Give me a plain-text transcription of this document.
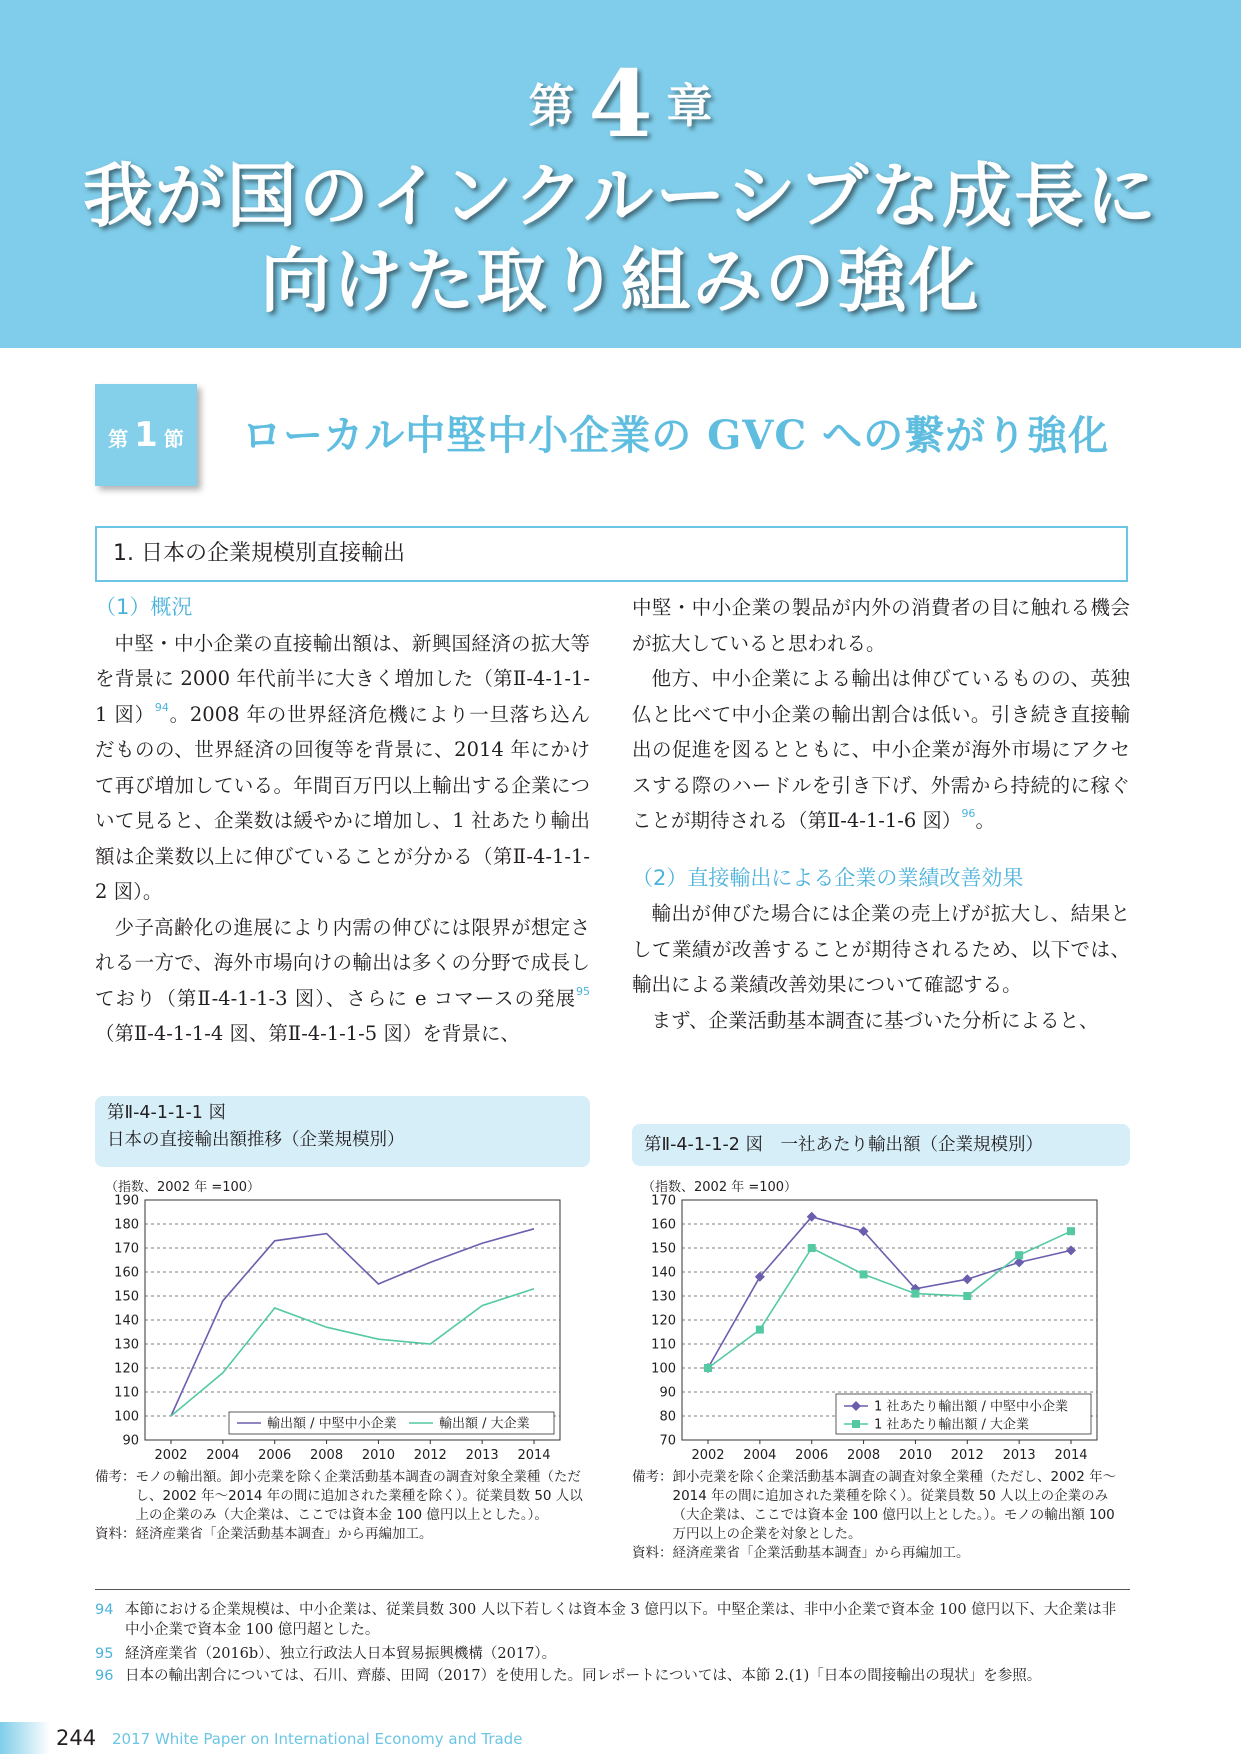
第 4 章
我が国のインクルーシブな成長に
向けた取り組みの強化
第 1 節	ローカル中堅中小企業の GVC への繋がり強化
1. 日本の企業規模別直接輸出
（1）概況

中堅・中小企業の直接輸出額は、新興国経済の拡大等を背景に 2000 年代前半に大きく増加した（第Ⅱ-4-1-1-1 図）$^{94}$。2008 年の世界経済危機により一旦落ち込んだものの、世界経済の回復等を背景に、2014 年にかけて再び増加している。年間百万円以上輸出する企業について見ると、企業数は緩やかに増加し、1 社あたり輸出額は企業数以上に伸びていることが分かる（第Ⅱ-4-1-1-2 図）。

少子高齢化の進展により内需の伸びには限界が想定される一方で、海外市場向けの輸出は多くの分野で成長しており（第Ⅱ-4-1-1-3 図）、さらに e コマースの発展$^{95}$（第Ⅱ-4-1-1-4 図、第Ⅱ-4-1-1-5 図）を背景に、

中堅・中小企業の製品が内外の消費者の目に触れる機会が拡大していると思われる。

他方、中小企業による輸出は伸びているものの、英独仏と比べて中小企業の輸出割合は低い。引き続き直接輸出の促進を図るとともに、中小企業が海外市場にアクセスする際のハードルを引き下げ、外需から持続的に稼ぐことが期待される（第Ⅱ-4-1-1-6 図）$^{96}$。

（2）直接輸出による企業の業績改善効果

輸出が伸びた場合には企業の売上げが拡大し、結果として業績が改善することが期待されるため、以下では、輸出による業績改善効果について確認する。

まず、企業活動基本調査に基づいた分析によると、

第Ⅱ-4-1-1-1 図
日本の直接輸出額推移（企業規模別）
（指数、2002 年 =100）
90
100
110
120
130
140
150
160
170
180
190
2002 2004 2006 2008 2010 2012 2013 2014
輸出額 / 中堅中小企業	輸出額 / 大企業
備考： モノの輸出額。卸小売業を除く企業活動基本調査の調査対象全業種（ただし、2002 年～2014 年の間に追加された業種を除く）。従業員数 50 人以上の企業のみ（大企業は、ここでは資本金 100 億円以上とした。）。
資料： 経済産業省「企業活動基本調査」から再編加工。
第Ⅱ-4-1-1-2 図　一社あたり輸出額（企業規模別）
（指数、2002 年 =100）
70
80
90
100
110
120
130
140
150
160
170
2002 2004 2006 2008 2010 2012 2013 2014
1 社あたり輸出額 / 中堅中小企業
1 社あたり輸出額 / 大企業
備考： 卸小売業を除く企業活動基本調査の調査対象全業種（ただし、2002 年～2014 年の間に追加された業種を除く）。従業員数 50 人以上の企業のみ（大企業は、ここでは資本金 100 億円以上とした。）。モノの輸出額 100 万円以上の企業を対象とした。
資料： 経済産業省「企業活動基本調査」から再編加工。
94 本節における企業規模は、中小企業は、従業員数 300 人以下若しくは資本金 3 億円以下。中堅企業は、非中小企業で資本金 100 億円以下、大企業は非中小企業で資本金 100 億円超とした。
95 経済産業省（2016b）、独立行政法人日本貿易振興機構（2017）。
96 日本の輸出割合については、石川、齊藤、田岡（2017）を使用した。同レポートについては、本節 2.(1)「日本の間接輸出の現状」を参照。
244 2017 White Paper on International Economy and Trade
